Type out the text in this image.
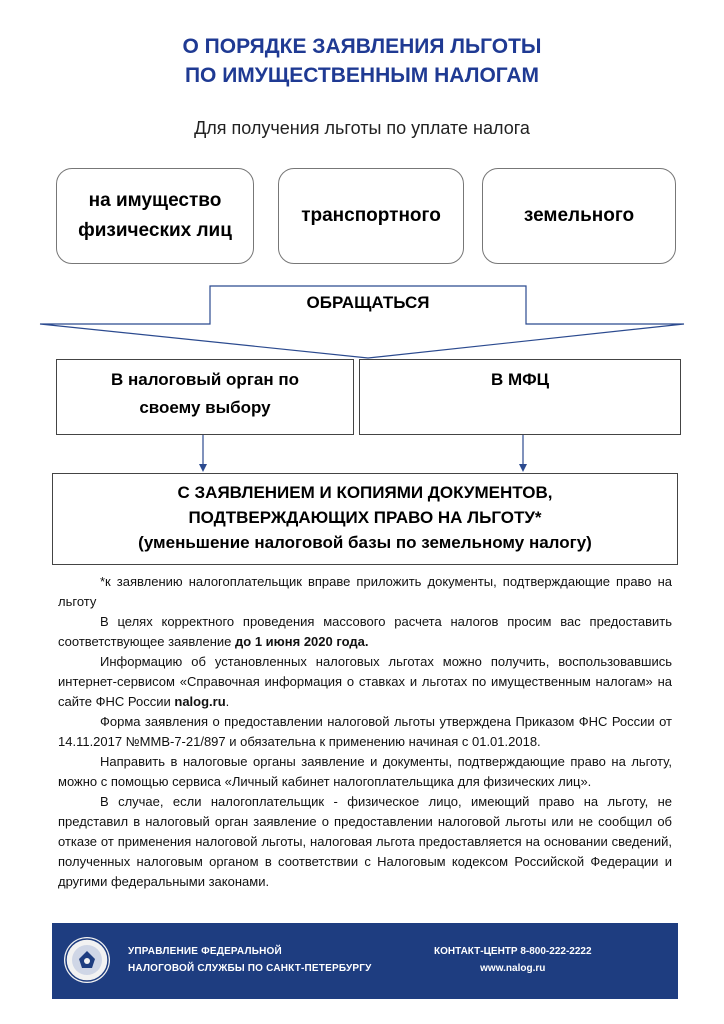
О ПОРЯДКЕ ЗАЯВЛЕНИЯ ЛЬГОТЫ
ПО ИМУЩЕСТВЕННЫМ НАЛОГАМ
Для получения льготы по уплате налога
на имущество
физических лиц
транспортного	земельного
ОБРАЩАТЬСЯ
В налоговый орган по
своему выбору
В МФЦ
С ЗАЯВЛЕНИЕМ И КОПИЯМИ ДОКУМЕНТОВ,
ПОДТВЕРЖДАЮЩИХ ПРАВО НА ЛЬГОТУ*
(уменьшение налоговой базы по земельному налогу)

*к заявлению налогоплательщик вправе приложить документы, подтверждающие право на льготу

В целях корректного проведения массового расчета налогов просим вас предоставить соответствующее заявление до 1 июня 2020 года.

Информацию об установленных налоговых льготах можно получить, воспользовавшись интернет-сервисом «Справочная информация о ставках и льготах по имущественным налогам» на сайте ФНС России nalog.ru.

Форма заявления о предоставлении налоговой льготы утверждена Приказом ФНС России от 14.11.2017 №ММВ-7-21/897 и обязательна к применению начиная с 01.01.2018.

Направить в налоговые органы заявление и документы, подтверждающие право на льготу, можно с помощью сервиса «Личный кабинет налогоплательщика для физических лиц».

В случае, если налогоплательщик - физическое лицо, имеющий право на льготу, не представил в налоговый орган заявление о предоставлении налоговой льготы или не сообщил об отказе от применения налоговой льготы, налоговая льгота предоставляется на основании сведений, полученных налоговым органом в соответствии с Налоговым кодексом Российской Федерации и другими федеральными законами.

УПРАВЛЕНИЕ ФЕДЕРАЛЬНОЙ
НАЛОГОВОЙ СЛУЖБЫ ПО САНКТ-ПЕТЕРБУРГУ
КОНТАКТ-ЦЕНТР 8-800-222-2222
www.nalog.ru
